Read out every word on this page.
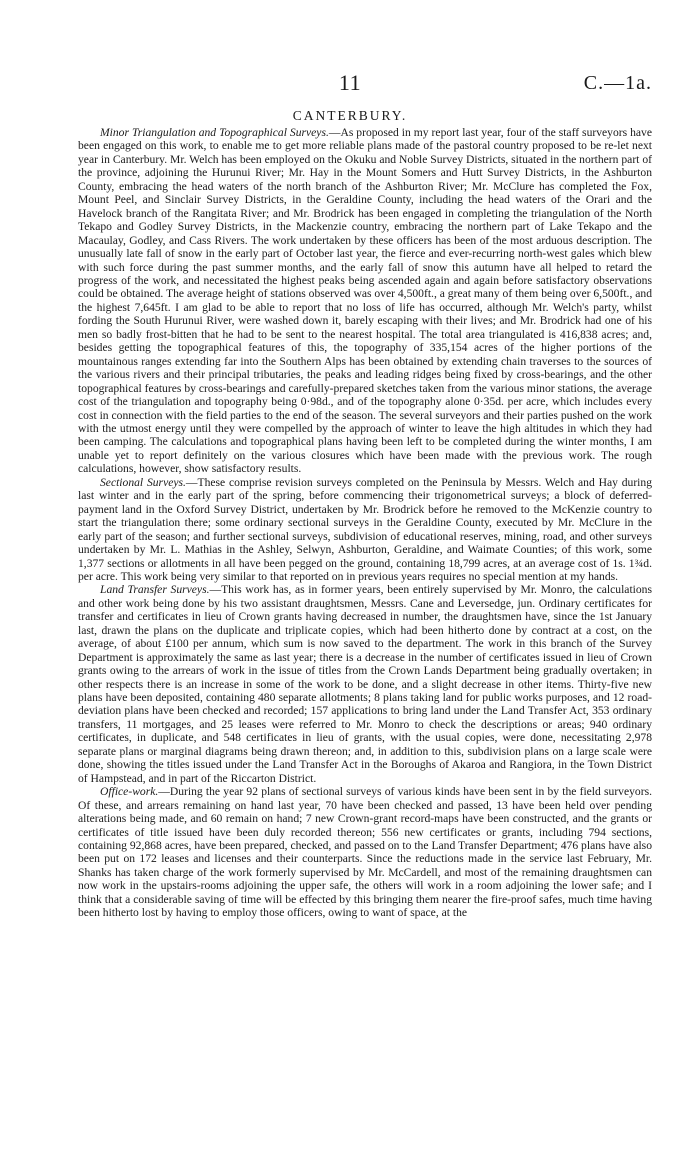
11	C.—1a.
CANTERBURY.

Minor Triangulation and Topographical Surveys.—As proposed in my report last year, four of the staff surveyors have been engaged on this work, to enable me to get more reliable plans made of the pastoral country proposed to be re-let next year in Canterbury. Mr. Welch has been employed on the Okuku and Noble Survey Districts, situated in the northern part of the province, adjoining the Hurunui River; Mr. Hay in the Mount Somers and Hutt Survey Districts, in the Ashburton County, embracing the head waters of the north branch of the Ashburton River; Mr. McClure has completed the Fox, Mount Peel, and Sinclair Survey Districts, in the Geraldine County, including the head waters of the Orari and the Havelock branch of the Rangitata River; and Mr. Brodrick has been engaged in completing the triangulation of the North Tekapo and Godley Survey Districts, in the Mackenzie country, embracing the northern part of Lake Tekapo and the Macaulay, Godley, and Cass Rivers. The work undertaken by these officers has been of the most arduous description. The unusually late fall of snow in the early part of October last year, the fierce and ever-recurring north-west gales which blew with such force during the past summer months, and the early fall of snow this autumn have all helped to retard the progress of the work, and necessitated the highest peaks being ascended again and again before satisfactory observations could be obtained. The average height of stations observed was over 4,500ft., a great many of them being over 6,500ft., and the highest 7,645ft. I am glad to be able to report that no loss of life has occurred, although Mr. Welch's party, whilst fording the South Hurunui River, were washed down it, barely escaping with their lives; and Mr. Brodrick had one of his men so badly frost-bitten that he had to be sent to the nearest hospital. The total area triangulated is 416,838 acres; and, besides getting the topographical features of this, the topography of 335,154 acres of the higher portions of the mountainous ranges extending far into the Southern Alps has been obtained by extending chain traverses to the sources of the various rivers and their principal tributaries, the peaks and leading ridges being fixed by cross-bearings, and the other topographical features by cross-bearings and carefully-prepared sketches taken from the various minor stations, the average cost of the triangulation and topography being 0·98d., and of the topography alone 0·35d. per acre, which includes every cost in connection with the field parties to the end of the season. The several surveyors and their parties pushed on the work with the utmost energy until they were compelled by the approach of winter to leave the high altitudes in which they had been camping. The calculations and topographical plans having been left to be completed during the winter months, I am unable yet to report definitely on the various closures which have been made with the previous work. The rough calculations, however, show satisfactory results.

Sectional Surveys.—These comprise revision surveys completed on the Peninsula by Messrs. Welch and Hay during last winter and in the early part of the spring, before commencing their trigonometrical surveys; a block of deferred-payment land in the Oxford Survey District, undertaken by Mr. Brodrick before he removed to the McKenzie country to start the triangulation there; some ordinary sectional surveys in the Geraldine County, executed by Mr. McClure in the early part of the season; and further sectional surveys, subdivision of educational reserves, mining, road, and other surveys undertaken by Mr. L. Mathias in the Ashley, Selwyn, Ashburton, Geraldine, and Waimate Counties; of this work, some 1,377 sections or allotments in all have been pegged on the ground, containing 18,799 acres, at an average cost of 1s. 1¾d. per acre. This work being very similar to that reported on in previous years requires no special mention at my hands.

Land Transfer Surveys.—This work has, as in former years, been entirely supervised by Mr. Monro, the calculations and other work being done by his two assistant draughtsmen, Messrs. Cane and Leversedge, jun. Ordinary certificates for transfer and certificates in lieu of Crown grants having decreased in number, the draughtsmen have, since the 1st January last, drawn the plans on the duplicate and triplicate copies, which had been hitherto done by contract at a cost, on the average, of about £100 per annum, which sum is now saved to the department. The work in this branch of the Survey Department is approximately the same as last year; there is a decrease in the number of certificates issued in lieu of Crown grants owing to the arrears of work in the issue of titles from the Crown Lands Department being gradually overtaken; in other respects there is an increase in some of the work to be done, and a slight decrease in other items. Thirty-five new plans have been deposited, containing 480 separate allotments; 8 plans taking land for public works purposes, and 12 road-deviation plans have been checked and recorded; 157 applications to bring land under the Land Transfer Act, 353 ordinary transfers, 11 mortgages, and 25 leases were referred to Mr. Monro to check the descriptions or areas; 940 ordinary certificates, in duplicate, and 548 certificates in lieu of grants, with the usual copies, were done, necessitating 2,978 separate plans or marginal diagrams being drawn thereon; and, in addition to this, subdivision plans on a large scale were done, showing the titles issued under the Land Transfer Act in the Boroughs of Akaroa and Rangiora, in the Town District of Hampstead, and in part of the Riccarton District.

Office-work.—During the year 92 plans of sectional surveys of various kinds have been sent in by the field surveyors. Of these, and arrears remaining on hand last year, 70 have been checked and passed, 13 have been held over pending alterations being made, and 60 remain on hand; 7 new Crown-grant record-maps have been constructed, and the grants or certificates of title issued have been duly recorded thereon; 556 new certificates or grants, including 794 sections, containing 92,868 acres, have been prepared, checked, and passed on to the Land Transfer Department; 476 plans have also been put on 172 leases and licenses and their counterparts. Since the reductions made in the service last February, Mr. Shanks has taken charge of the work formerly supervised by Mr. McCardell, and most of the remaining draughtsmen can now work in the upstairs-rooms adjoining the upper safe, the others will work in a room adjoining the lower safe; and I think that a considerable saving of time will be effected by this bringing them nearer the fire-proof safes, much time having been hitherto lost by having to employ those officers, owing to want of space, at the
